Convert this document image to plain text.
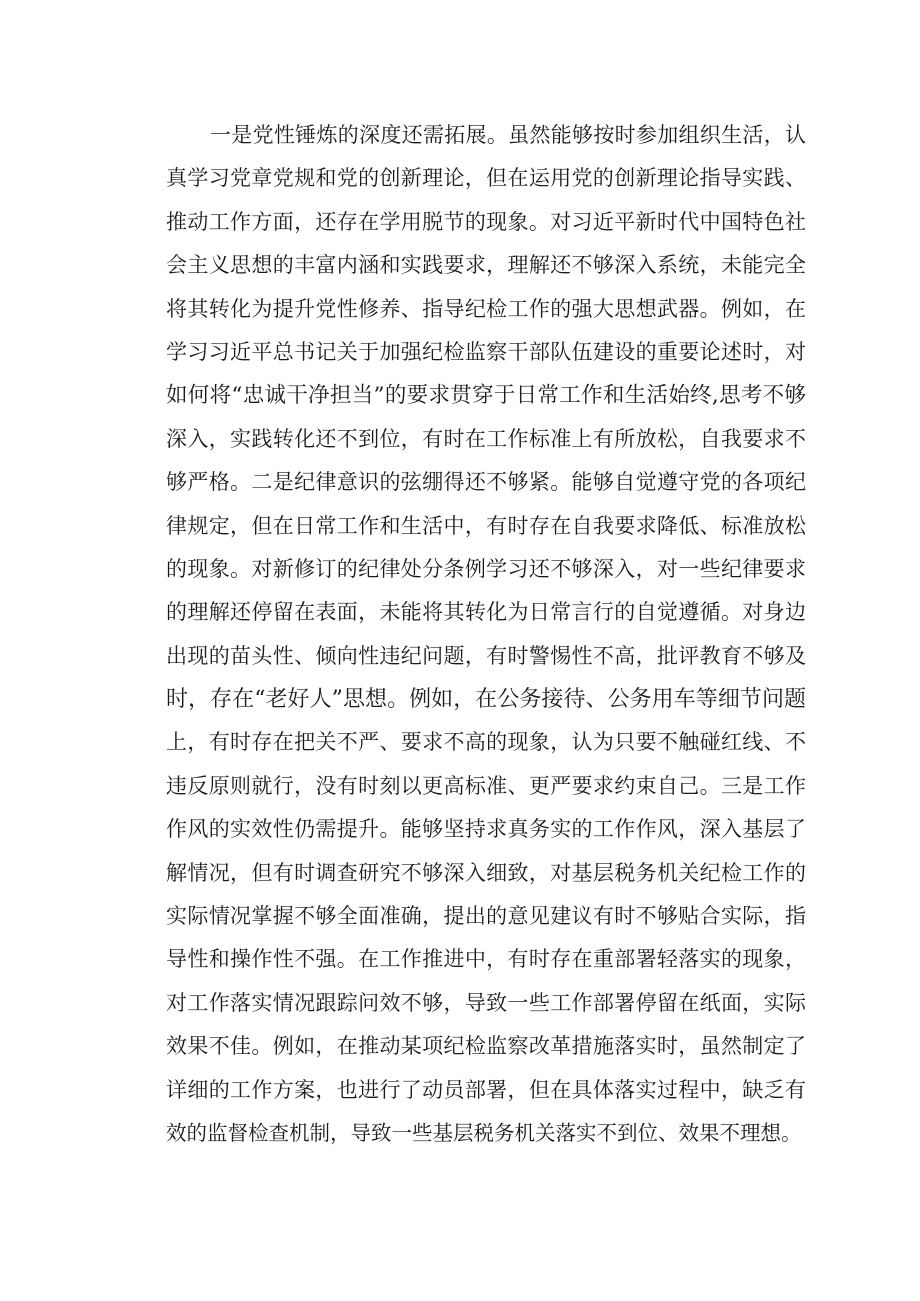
一是党性锤炼的深度还需拓展。虽然能够按时参加组织生活，认
真学习党章党规和党的创新理论，但在运用党的创新理论指导实践、
推动工作方面，还存在学用脱节的现象。对习近平新时代中国特色社
会主义思想的丰富内涵和实践要求，理解还不够深入系统，未能完全
将其转化为提升党性修养、指导纪检工作的强大思想武器。例如，在
学习习近平总书记关于加强纪检监察干部队伍建设的重要论述时，对
如何将“忠诚干净担当”的要求贯穿于日常工作和生活始终,思考不够
深入，实践转化还不到位，有时在工作标准上有所放松，自我要求不
够严格。二是纪律意识的弦绷得还不够紧。能够自觉遵守党的各项纪
律规定，但在日常工作和生活中，有时存在自我要求降低、标准放松
的现象。对新修订的纪律处分条例学习还不够深入，对一些纪律要求
的理解还停留在表面，未能将其转化为日常言行的自觉遵循。对身边
出现的苗头性、倾向性违纪问题，有时警惕性不高，批评教育不够及
时，存在“老好人”思想。例如，在公务接待、公务用车等细节问题
上，有时存在把关不严、要求不高的现象，认为只要不触碰红线、不
违反原则就行，没有时刻以更高标准、更严要求约束自己。三是工作
作风的实效性仍需提升。能够坚持求真务实的工作作风，深入基层了
解情况，但有时调查研究不够深入细致，对基层税务机关纪检工作的
实际情况掌握不够全面准确，提出的意见建议有时不够贴合实际，指
导性和操作性不强。在工作推进中，有时存在重部署轻落实的现象，
对工作落实情况跟踪问效不够，导致一些工作部署停留在纸面，实际
效果不佳。例如，在推动某项纪检监察改革措施落实时，虽然制定了
详细的工作方案，也进行了动员部署，但在具体落实过程中，缺乏有
效的监督检查机制，导致一些基层税务机关落实不到位、效果不理想。
